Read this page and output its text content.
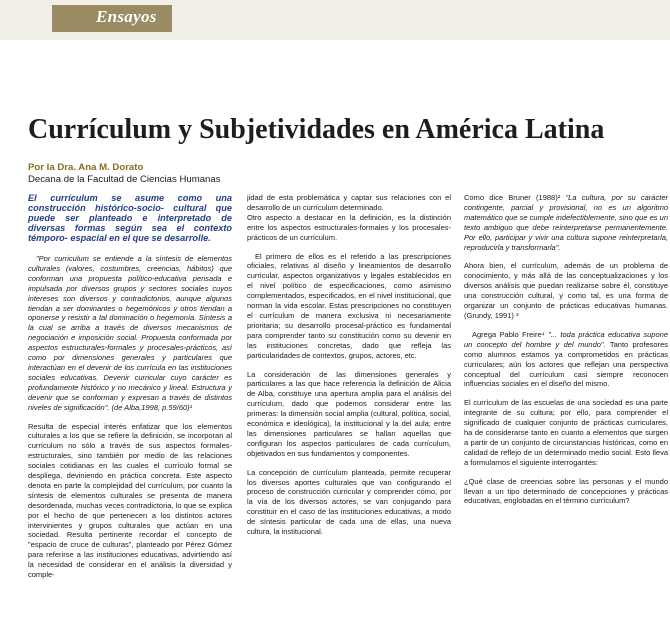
Ensayos
Currículum y Subjetividades en América Latina
Por la Dra. Ana M. Dorato
Decana de la Facultad de Ciencias Humanas

El currículum se asume como una construcción histórico-socio- cultural que puede ser planteado e interpretado de diversas formas según sea el contexto témporo- espacial en el que se desarrolle.

"Por curriculum se entiende a la síntesis de elementos culturales (valores, costumbres, creencias, hábitos) que conforman una propuesta político-educativa pensada e impulsada por diversos grupos y sectores sociales cuyos intereses son diversos y contradictorios, aunque algunos tiendan a ser dominantes o hegemónicos y otros tiendan a oponerse y resistir a tal dominación o hegemonía. Síntesis a la cual se arriba a través de diversos mecanismos de negociación e imposición social. Propuesta conformada por aspectos estructurales-formales y procesales-prácticos, así como por dimensiones generales y particulares que interactúan en el devenir de los currícula en las instituciones sociales educativas. Devenir curricular cuyo carácter es profundamente histórico y no mecánico y lineal. Estructura y devenir que se conforman y expresan a través de distintos niveles de significación". (de Alba,1998, p.59/60)¹

Resulta de especial interés enfatizar que los elementos culturales a los que se refiere la definición, se incorporan al currículum no sólo a través de sus aspectos formales-estructurales, sino también por medio de las relaciones sociales cotidianas en las cuales el currículo formal se despliega, deviniendo en práctica concreta. Este aspecto denota en parte la complejidad del currículum, por cuanto la síntesis de elementos culturales se presenta de manera desordenada, muchas veces contradictoria, lo que se explica por el hecho de que pertenecen a los distintos actores intervinientes y grupos culturales que actúan en una sociedad. Resulta pertinente recordar el concepto de "espacio de cruce de culturas", planteado por Pérez Gómez para referirse a las instituciones educativas, advirtiendo así la necesidad de considerar en el análisis la diversidad y comple-

jidad de esta problemática y captar sus relaciones con el desarrollo de un currículum determinado.

Otro aspecto a destacar en la definición, es la distinción entre los aspectos estructurales-formales y los procesales-prácticos de un currículum.

El primero de ellos es el referido a las prescripciones oficiales, relativas al diseño y lineamientos de desarrollo curricular, aspectos organizativos y legales establecidos en el nivel político de especificaciones, como asimismo complementados, especificados, en el nivel institucional, que norman la vida escolar. Estas prescripciones no constituyen el currículum de manera exclusiva ni necesariamente prioritaria; su desarrollo procesal-práctico es fundamental para comprender tanto su constitución como su devenir en las instituciones concretas, dado que refleja las particularidades de contextos, grupos, actores, etc.

La consideración de las dimensiones generales y particulares a las que hace referencia la definición de Alicia de Alba, constituye una apertura amplia para el análisis del currículum, dado que podemos considerar entre las primeras: la dimensión social amplia (cultural, política, social, económica e ideológica), la institucional y la del aula; entre las dimensiones particulares se hallan aquellas que configuran los aspectos particulares de cada currículum, objetivados en sus fundamentos y componentes.

La concepción de currículum planteada, permite recuperar los diversos aportes culturales que van configurando el proceso de construcción curricular y comprender cómo, por la vía de los diversos actores, se van conjugando para constituir en el caso de las instituciones educativas, a modo de síntesis particular de cada una de ellas, una nueva cultura, la institucional.

Como dice Bruner (1988)² "La cultura, por su carácter contingente, parcial y provisional, no es un algoritmo matemático que se cumple indefectiblemente, sino que es un texto ambiguo que debe reinterpretarse permanentemente. Por ello, participar y vivir una cultura supone reinterpretarla, reproducirla y transformarla".

Ahora bien, el currículum, además de un problema de conocimiento, y más allá de las conceptualizaciones y los diversos análisis que puedan realizarse sobre él, constituye una construcción cultural, y como tal, es una forma de organizar un conjunto de prácticas educativas humanas. (Grundy, 1991) ³

Agrega Pablo Freire⁴ "... toda práctica educativa supone un concepto del hombre y del mundo". Tanto profesores como alumnos estamos ya comprometidos en prácticas curriculares; aún los actores que reflejan una perspectiva conceptual del currículum casi siempre reconocen influencias sociales en el diseño del mismo.

El currículum de las escuelas de una sociedad es una parte integrante de su cultura; por ello, para comprender el significado de cualquier conjunto de prácticas curriculares, ha de considerarse tanto en cuanto a elementos que surgen a partir de un conjunto de circunstancias históricas, como en calidad de reflejo de un determinado medio social. Esto lleva a formularnos el siguiente interrogantes:

¿Qué clase de creencias sobre las personas y el mundo llevan a un tipo determinado de concepciones y prácticas educativas, englobadas en el término currículum?
